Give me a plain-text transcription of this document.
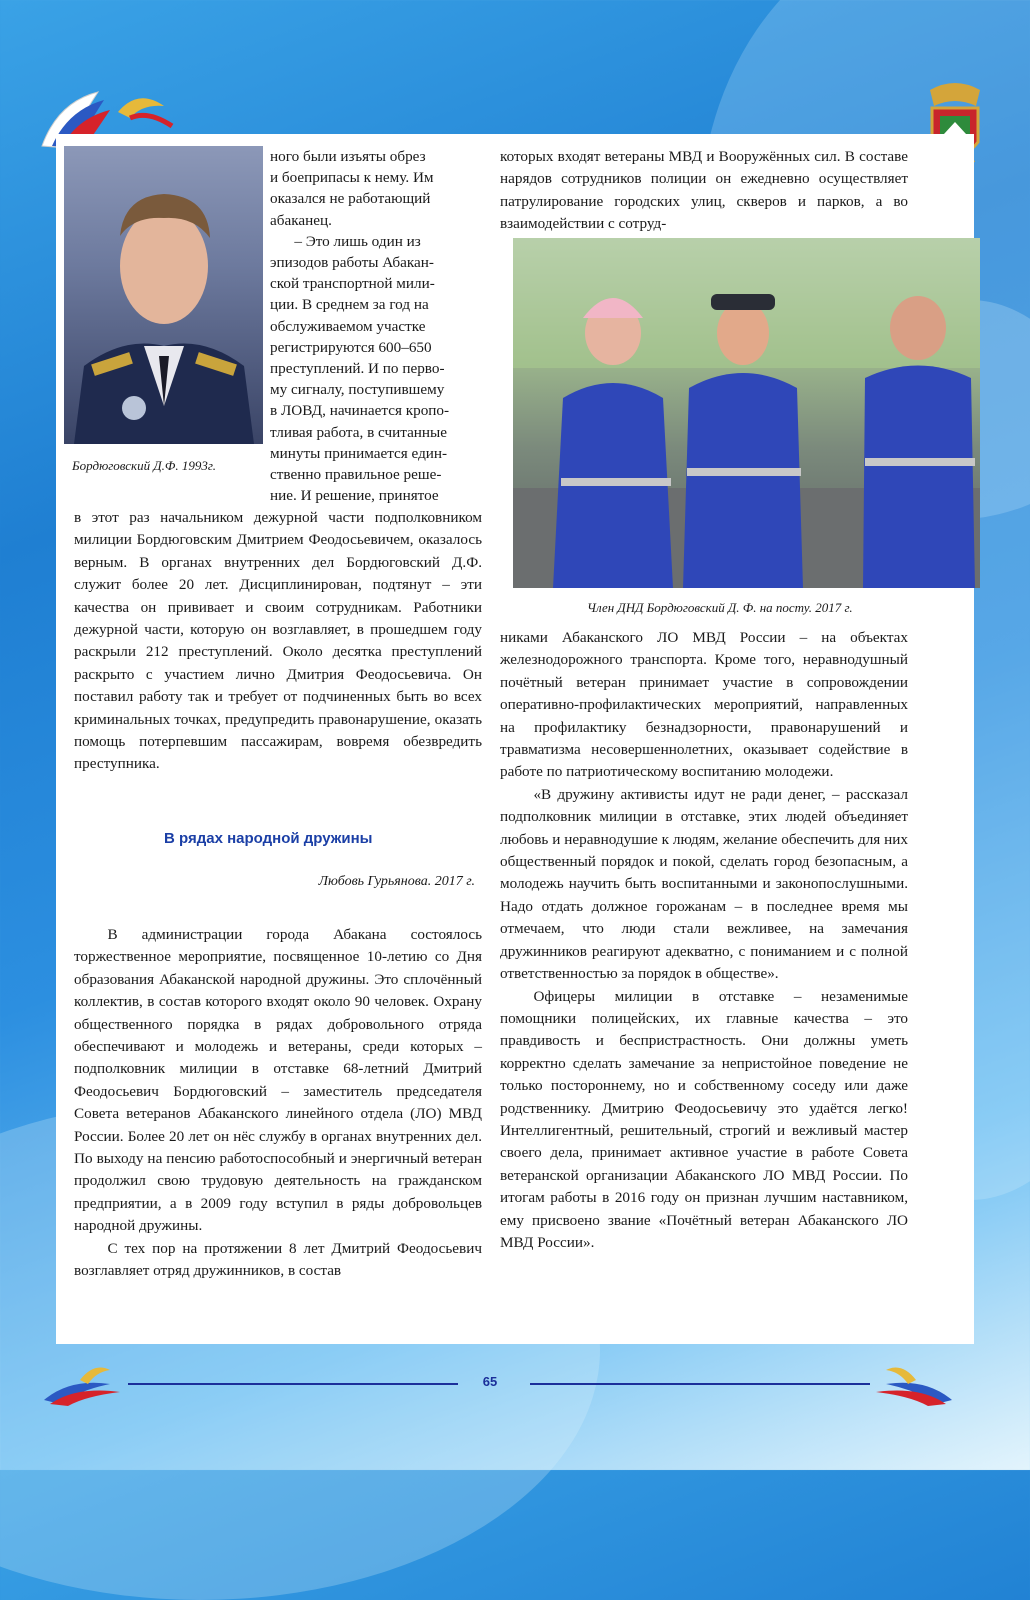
Бордюговский Д.Ф. 1993г.
ного были изъяты обрез
и боеприпасы к нему. Им
оказался не работающий
абаканец.
– Это лишь один из
эпизодов работы Абакан-
ской транспортной мили-
ции. В среднем за год на
обслуживаемом участке
регистрируются 600–650
преступлений. И по перво-
му сигналу, поступившему
в ЛОВД, начинается кропо-
тливая работа, в считанные
минуты принимается един-
ственно правильное реше-
ние. И решение, принятое

в этот раз начальником дежурной части подполковником милиции Бордюговским Дмитрием Феодосьевичем, оказалось верным. В органах внутренних дел Бордюговский Д.Ф. служит более 20 лет. Дисциплинирован, подтянут – эти качества он прививает и своим сотрудникам. Работники дежурной части, которую он возглавляет, в прошедшем году раскрыли 212 преступлений. Около десятка преступлений раскрыто с участием лично Дмитрия Феодосьевича. Он поставил работу так и требует от подчиненных быть во всех криминальных точках, предупредить правонарушение, оказать помощь потерпевшим пассажирам, вовремя обезвредить преступника.

В рядах народной дружины
Любовь Гурьянова. 2017 г.

В администрации города Абакана состоялось торжественное мероприятие, посвященное 10-летию со Дня образования Абаканской народной дружины. Это сплочённый коллектив, в состав которого входят около 90 человек. Охрану общественного порядка в рядах добровольного отряда обеспечивают и молодежь и ветераны, среди которых – подполковник милиции в отставке 68-летний Дмитрий Феодосьевич Бордюговский – заместитель председателя Совета ветеранов Абаканского линейного отдела (ЛО) МВД России. Более 20 лет он нёс службу в органах внутренних дел. По выходу на пенсию работоспособный и энергичный ветеран продолжил свою трудовую деятельность на гражданском предприятии, а в 2009 году вступил в ряды добровольцев народной дружины.

С тех пор на протяжении 8 лет Дмитрий Феодосьевич возглавляет отряд дружинников, в состав

которых входят ветераны МВД и Вооружённых сил. В составе нарядов сотрудников полиции он ежедневно осуществляет патрулирование городских улиц, скверов и парков, а во взаимодействии с сотруд-

Член ДНД Бордюговский Д. Ф. на посту. 2017 г.

никами Абаканского ЛО МВД России – на объектах железнодорожного транспорта. Кроме того, неравнодушный почётный ветеран принимает участие в сопровождении оперативно-профилактических мероприятий, направленных на профилактику безнадзорности, правонарушений и травматизма несовершеннолетних, оказывает содействие в работе по патриотическому воспитанию молодежи.

«В дружину активисты идут не ради денег, – рассказал подполковник милиции в отставке, этих людей объединяет любовь и неравнодушие к людям, желание обеспечить для них общественный порядок и покой, сделать город безопасным, а молодежь научить быть воспитанными и законопослушными. Надо отдать должное горожанам – в последнее время мы отмечаем, что люди стали вежливее, на замечания дружинников реагируют адекватно, с пониманием и с полной ответственностью за порядок в обществе».

Офицеры милиции в отставке – незаменимые помощники полицейских, их главные качества – это правдивость и беспристрастность. Они должны уметь корректно сделать замечание за непристойное поведение не только постороннему, но и собственному соседу или даже родственнику. Дмитрию Феодосьевичу это удаётся легко! Интеллигентный, решительный, строгий и вежливый мастер своего дела, принимает активное участие в работе Совета ветеранской организации Абаканского ЛО МВД России. По итогам работы в 2016 году он признан лучшим наставником, ему присвоено звание «Почётный ветеран Абаканского ЛО МВД России».

65
